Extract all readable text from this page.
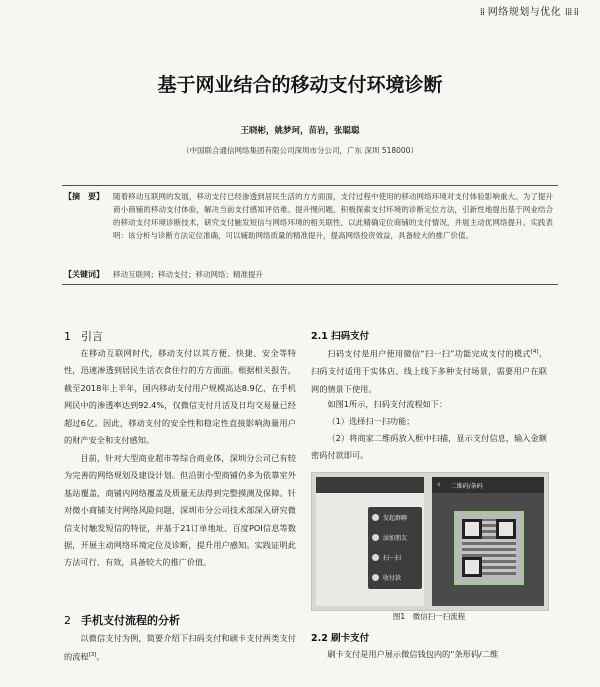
⁞⁞ 网络规划与优化 ⁞⁞⁞ ⁞⁞
基于网业结合的移动支付环境诊断
王晓彬，姚梦珂，苗岩，张聪聪
（中国联合通信网络集团有限公司深圳市分公司，广东 深圳 518000）
【摘　要】 随着移动互联网的发展，移动支付已经渗透到居民生活的方方面面，支付过程中使用的移动网络环境对支付体验影响重大。为了提升商小商铺的移动支付体验，解决当前支付感知评估难、提升慢问题，积极探索支付环境的诊断定位方法，引新性地提出基于网业结合的移动支付环境诊断技术，研究支付触发短信与网络环境的相关联性，以此精确定位商铺的支付情况，并展主动优网络提升。实践表明：该分析与诊断方法定位准确，可以辅助网络质量的精准提升，提高网络投资效益，具备较大的推广价值。
【关键词】 移动互联网 ； 移动支付 ； 移动网络 ； 精准提升
1 引言
在移动互联网时代，移动支付以其方便、快捷、安全等特性，迅速渗透到居民生活衣食住行的方方面面。根据相关报告，截至2018年上半年，国内移动支付用户规模高达8.9亿，在手机网民中的渗透率达到92.4%，仅微信支付月活及日均交易量已经超过6亿。因此，移动支付的安全性和稳定性直接影响海量用户的财产安全和支付感知。
目前，针对大型商业超市等综合商业体，深圳分公司已有较为完善的网络规划及建设计划。但沿街小型商铺仍多为依靠室外基站覆盖，商铺内网络覆盖及质量无法得到完整摸测及保障。针对微小商铺支付网络风险问题，深圳市分公司技术部深入研究微信支付触发短信的特征，并基于21订单地址、百度POI信息等数据，开展主动网络环境定位及诊断，提升用户感知。实践证明此方法可行、有效，具备较大的推广价值。
2 手机支付流程的分析
以微信支付为例，简要介绍下扫码支付和刷卡支付两类支付的流程[3]。
2.1 扫码支付
扫码支付是用户使用微信“扫一扫”功能完成支付的模式[4]。扫码支付适用于实体店、线上线下多种支付场景，需要用户在联网的情景下使用。
如图1所示，扫码支付流程如下：
（1）选择扫一扫功能；
（2）将商家二维码放入框中扫描，显示支付信息，输入金额密码付款即可。
发起群聊
添加朋友
扫一扫
收付款
‹ 二维码/条码
图1　微信扫一扫流程
2.2 刷卡支付
刷卡支付是用户展示微信钱包内的“条形码/二维
